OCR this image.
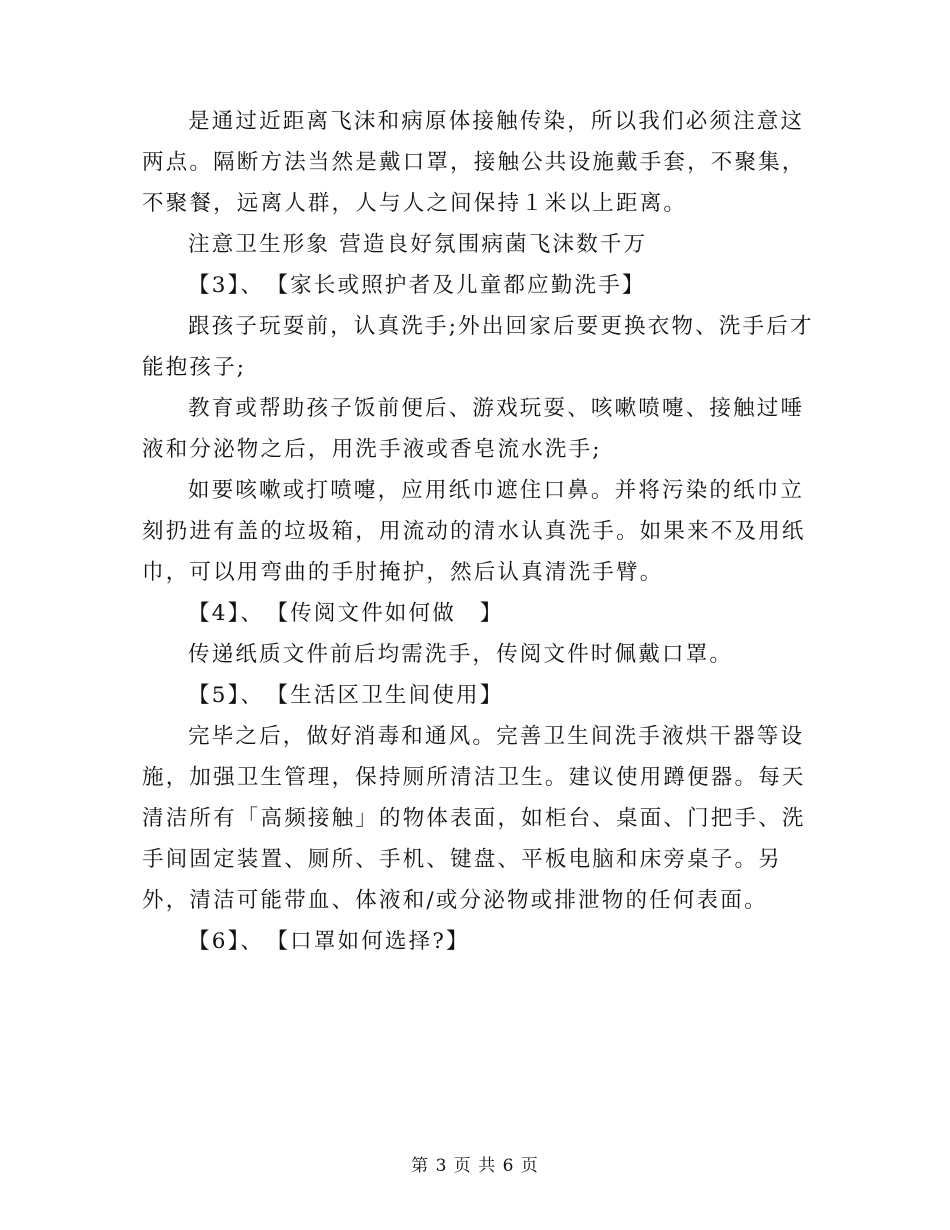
是通过近距离飞沫和病原体接触传染，所以我们必须注意这两点。隔断方法当然是戴口罩，接触公共设施戴手套，不聚集，不聚餐，远离人群，人与人之间保持１米以上距离。

注意卫生形象 营造良好氛围病菌飞沫数千万

【3】、　【家长或照护者及儿童都应勤洗手】

跟孩子玩耍前，认真洗手;外出回家后要更换衣物、洗手后才能抱孩子;

教育或帮助孩子饭前便后、游戏玩耍、咳嗽喷嚏、接触过唾液和分泌物之后，用洗手液或香皂流水洗手;

如要咳嗽或打喷嚏，应用纸巾遮住口鼻。并将污染的纸巾立刻扔进有盖的垃圾箱，用流动的清水认真洗手。如果来不及用纸巾，可以用弯曲的手肘掩护，然后认真清洗手臂。

【4】、　【传阅文件如何做　】

传递纸质文件前后均需洗手，传阅文件时佩戴口罩。

【5】、　【生活区卫生间使用】

完毕之后，做好消毒和通风。完善卫生间洗手液烘干器等设施，加强卫生管理，保持厕所清洁卫生。建议使用蹲便器。每天清洁所有「高频接触」的物体表面，如柜台、桌面、门把手、洗手间固定装置、厕所、手机、键盘、平板电脑和床旁桌子。另外，清洁可能带血、体液和/或分泌物或排泄物的任何表面。

【6】、　【口罩如何选择?】

第 3 页 共 6 页
